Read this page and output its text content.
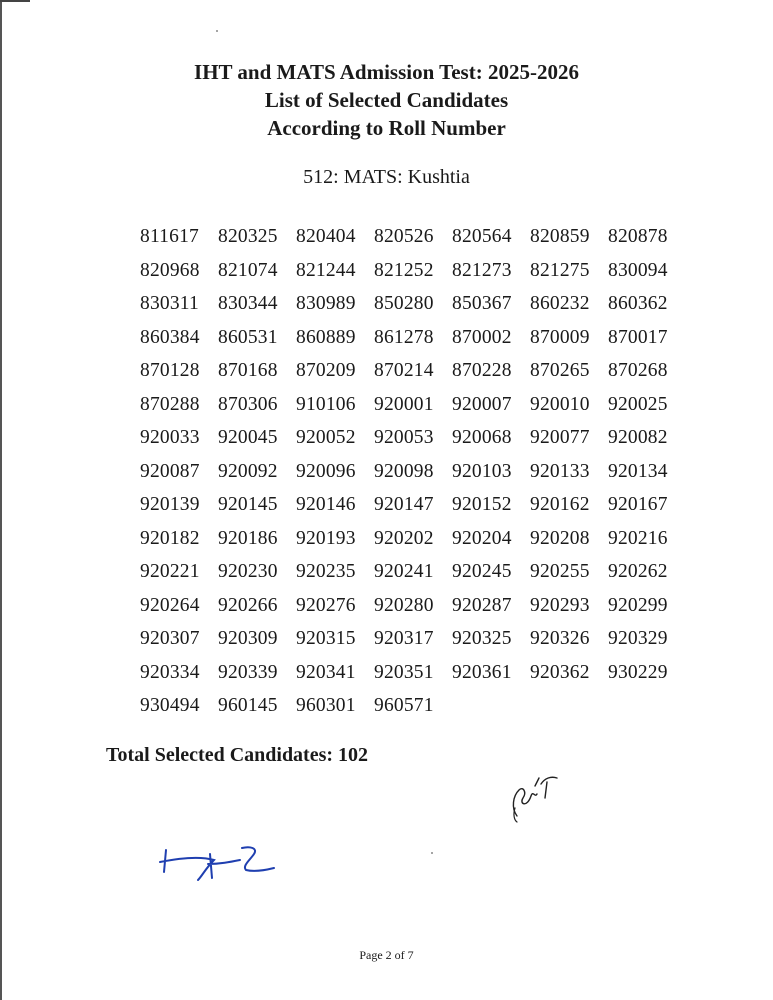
IHT and MATS Admission Test: 2025-2026
List of Selected Candidates
According to Roll Number
512: MATS: Kushtia
811617 820325 820404 820526 820564 820859 820878
820968 821074 821244 821252 821273 821275 830094
830311 830344 830989 850280 850367 860232 860362
860384 860531 860889 861278 870002 870009 870017
870128 870168 870209 870214 870228 870265 870268
870288 870306 910106 920001 920007 920010 920025
920033 920045 920052 920053 920068 920077 920082
920087 920092 920096 920098 920103 920133 920134
920139 920145 920146 920147 920152 920162 920167
920182 920186 920193 920202 920204 920208 920216
920221 920230 920235 920241 920245 920255 920262
920264 920266 920276 920280 920287 920293 920299
920307 920309 920315 920317 920325 920326 920329
920334 920339 920341 920351 920361 920362 930229
930494 960145 960301 960571
Total Selected Candidates: 102
Page 2 of 7
